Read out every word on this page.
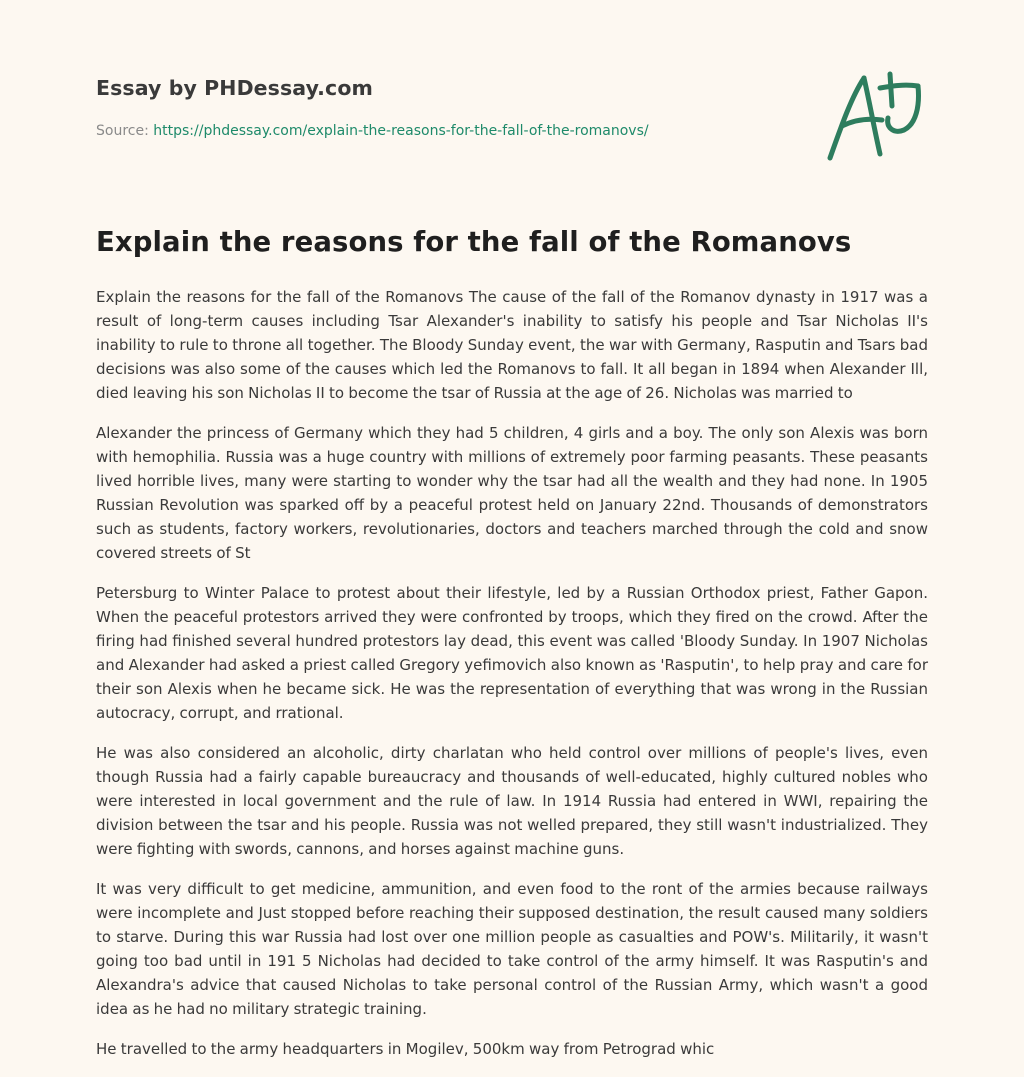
Essay by PHDessay.com

Source: https://phdessay.com/explain-the-reasons-for-the-fall-of-the-romanovs/
Explain the reasons for the fall of the Romanovs

Explain the reasons for the fall of the Romanovs The cause of the fall of the Romanov dynasty in 1917 was a result of long-term causes including Tsar Alexander's inability to satisfy his people and Tsar Nicholas II's inability to rule to throne all together. The Bloody Sunday event, the war with Germany, Rasputin and Tsars bad decisions was also some of the causes which led the Romanovs to fall. It all began in 1894 when Alexander Ill, died leaving his son Nicholas II to become the tsar of Russia at the age of 26. Nicholas was married to

Alexander the princess of Germany which they had 5 children, 4 girls and a boy. The only son Alexis was born with hemophilia. Russia was a huge country with millions of extremely poor farming peasants. These peasants lived horrible lives, many were starting to wonder why the tsar had all the wealth and they had none. In 1905 Russian Revolution was sparked off by a peaceful protest held on January 22nd. Thousands of demonstrators such as students, factory workers, revolutionaries, doctors and teachers marched through the cold and snow covered streets of St

Petersburg to Winter Palace to protest about their lifestyle, led by a Russian Orthodox priest, Father Gapon. When the peaceful protestors arrived they were confronted by troops, which they fired on the crowd. After the firing had finished several hundred protestors lay dead, this event was called 'Bloody Sunday. In 1907 Nicholas and Alexander had asked a priest called Gregory yefimovich also known as 'Rasputin', to help pray and care for their son Alexis when he became sick. He was the representation of everything that was wrong in the Russian autocracy, corrupt, and rrational.

He was also considered an alcoholic, dirty charlatan who held control over millions of people's lives, even though Russia had a fairly capable bureaucracy and thousands of well-educated, highly cultured nobles who were interested in local government and the rule of law. In 1914 Russia had entered in WWI, repairing the division between the tsar and his people. Russia was not welled prepared, they still wasn't industrialized. They were fighting with swords, cannons, and horses against machine guns.

It was very difficult to get medicine, ammunition, and even food to the ront of the armies because railways were incomplete and Just stopped before reaching their supposed destination, the result caused many soldiers to starve. During this war Russia had lost over one million people as casualties and POW's. Militarily, it wasn't going too bad until in 191 5 Nicholas had decided to take control of the army himself. It was Rasputin's and Alexandra's advice that caused Nicholas to take personal control of the Russian Army, which wasn't a good idea as he had no military strategic training.

He travelled to the army headquarters in Mogilev, 500km way from Petrograd whic
